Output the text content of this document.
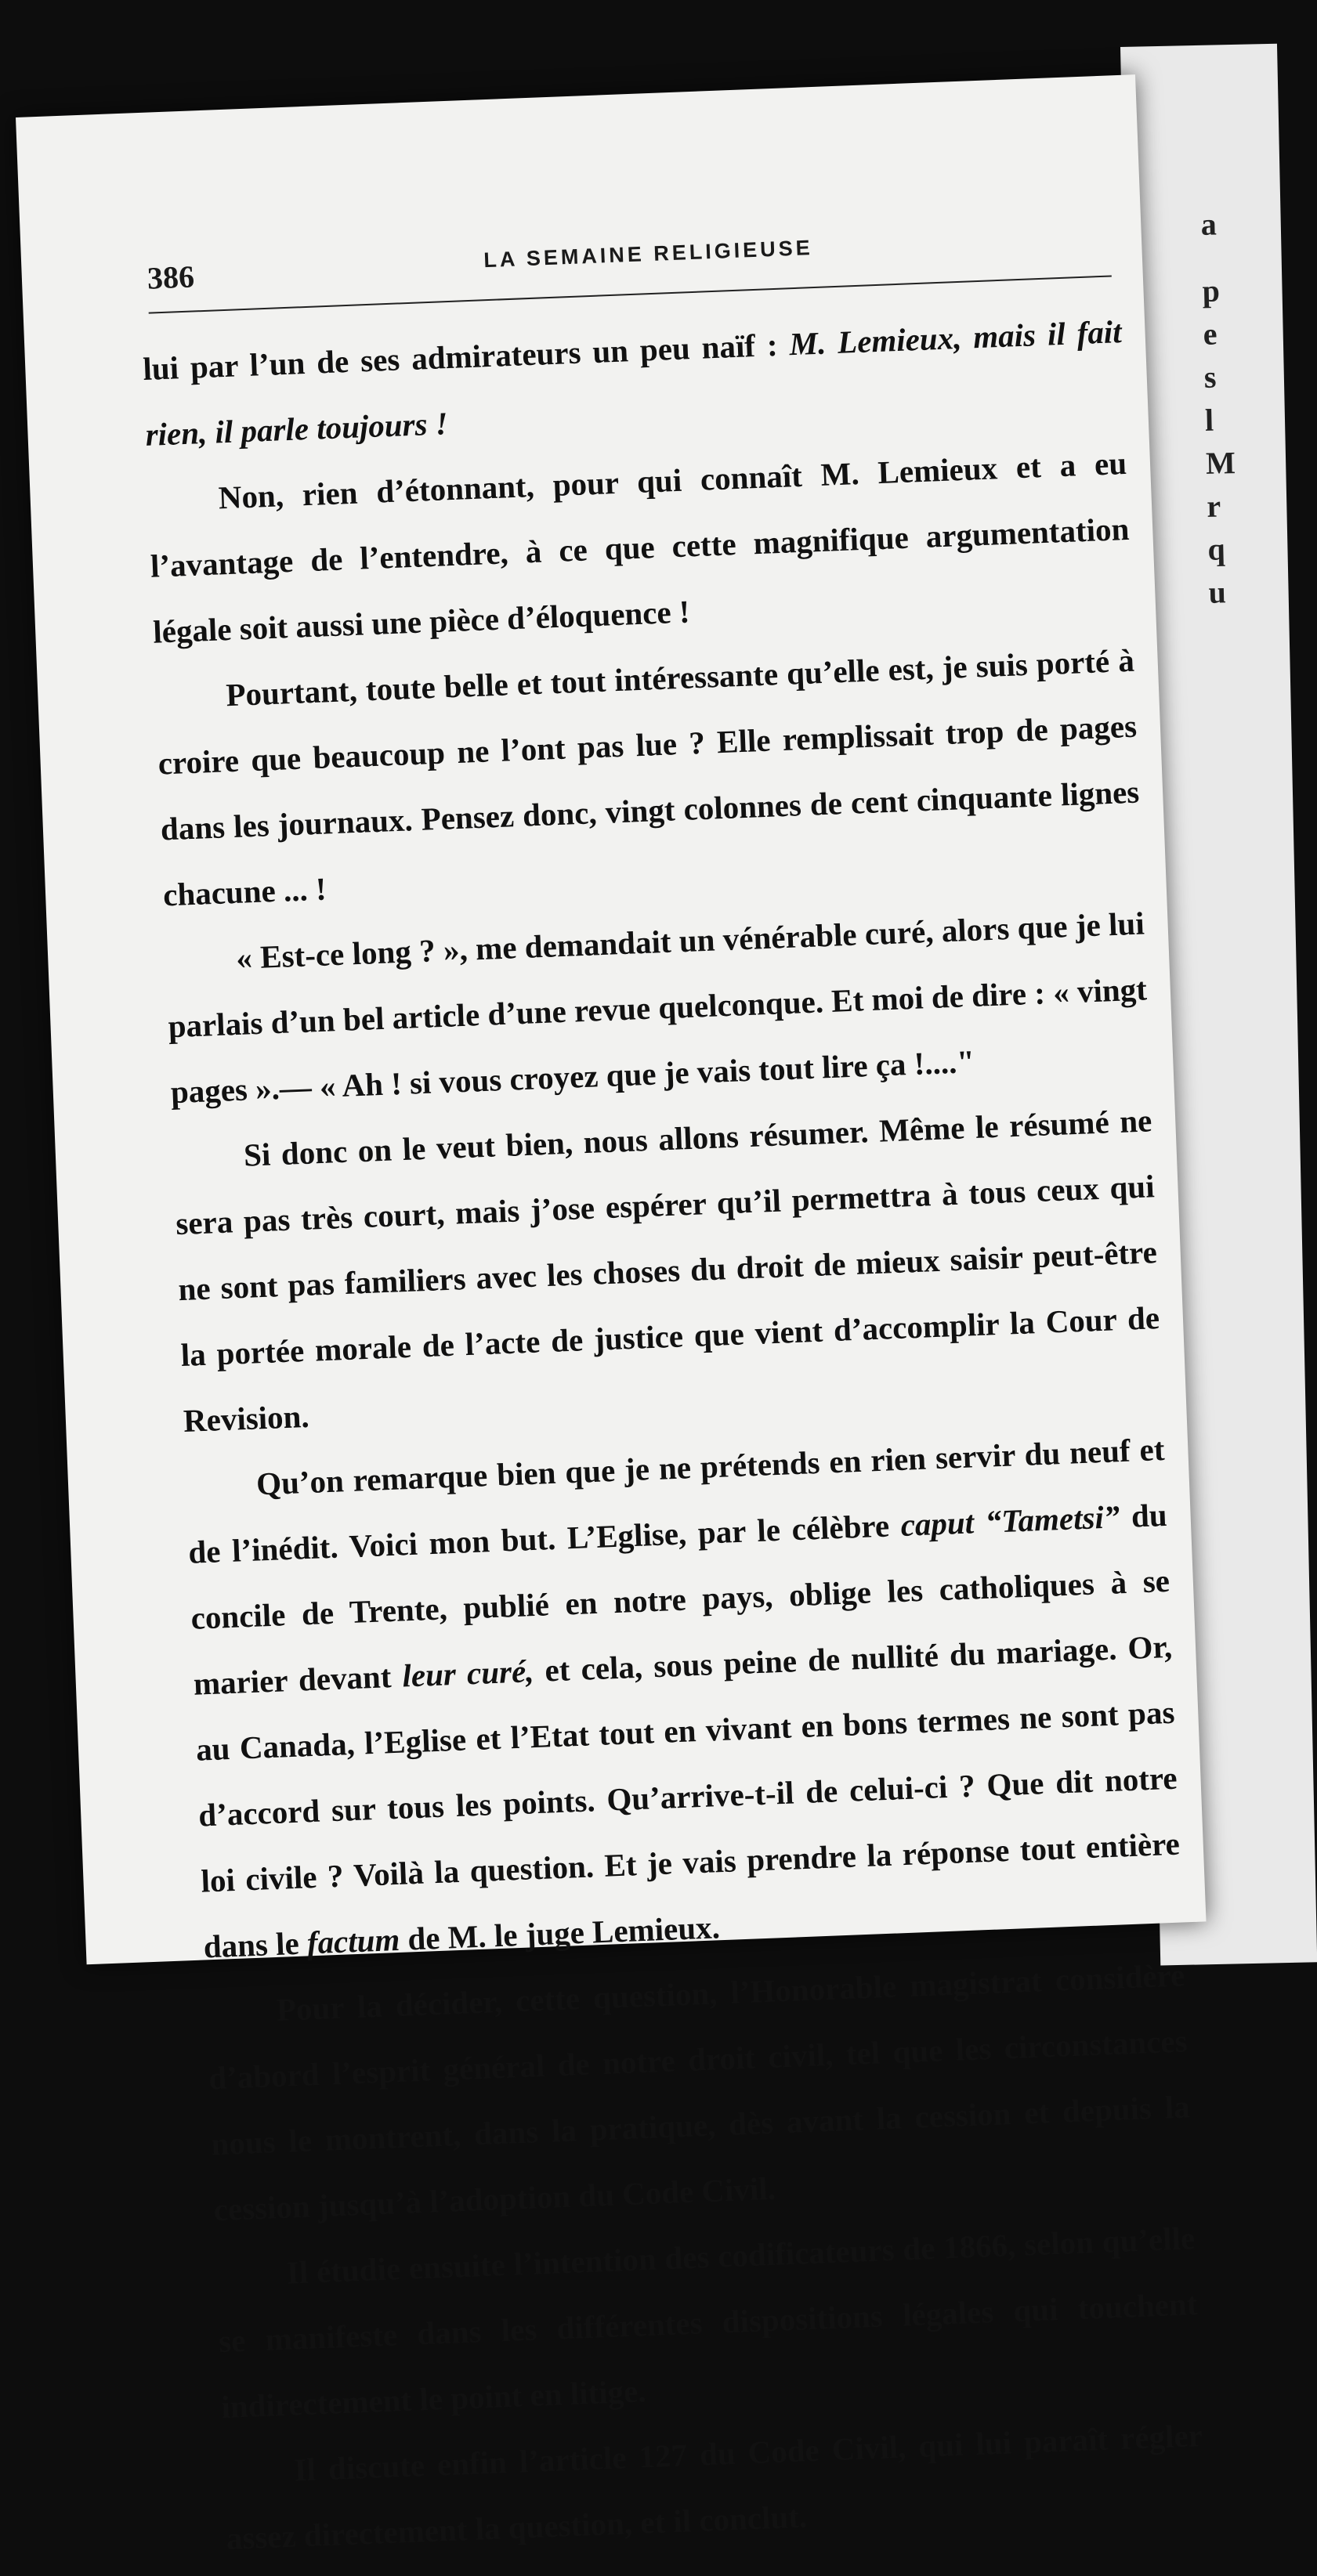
a
p
e
s
l
M
r
q
u
386
LA SEMAINE RELIGIEUSE

lui par l’un de ses admirateurs un peu naïf : M. Lemieux, mais il fait rien, il parle toujours !

Non, rien d’étonnant, pour qui connaît M. Lemieux et a eu l’avantage de l’entendre, à ce que cette magnifique argumentation légale soit aussi une pièce d’éloquence !

Pourtant, toute belle et tout intéressante qu’elle est, je suis porté à croire que beaucoup ne l’ont pas lue ? Elle remplissait trop de pages dans les journaux. Pensez donc, vingt colonnes de cent cinquante lignes chacune ... !

« Est-ce long ? », me demandait un vénérable curé, alors que je lui parlais d’un bel article d’une revue quelconque. Et moi de dire : « vingt pages ».— « Ah ! si vous croyez que je vais tout lire ça !...."

Si donc on le veut bien, nous allons résumer. Même le résumé ne sera pas très court, mais j’ose espérer qu’il permettra à tous ceux qui ne sont pas familiers avec les choses du droit de mieux saisir peut-être la portée morale de l’acte de justice que vient d’accomplir la Cour de Revision.

Qu’on remarque bien que je ne prétends en rien servir du neuf et de l’inédit. Voici mon but. L’Eglise, par le célèbre caput “Tametsi” du concile de Trente, publié en notre pays, oblige les catholiques à se marier devant leur curé, et cela, sous peine de nullité du mariage. Or, au Canada, l’Eglise et l’Etat tout en vivant en bons termes ne sont pas d’accord sur tous les points. Qu’arrive-t-il de celui-ci ? Que dit notre loi civile ? Voilà la question. Et je vais prendre la réponse tout entière dans le factum de M. le juge Lemieux.

Pour la décider, cette question, l’Honorable magistrat considère d’abord l’esprit général de notre droit civil, tel que les circonstances nous le montrent, dans la pratique, dès avant la cession et depuis la cession jusqu’à l’adoption du Code Civil.

Il étudie ensuite l’intention des codificateurs de 1866, selon qu’elle se manifeste dans les différentes dispositions légales qui touchent indirectement le point en litige.

Il discute enfin l’article 127 du Code Civil, qui lui paraît régler assez directement la question, et il conclut.
